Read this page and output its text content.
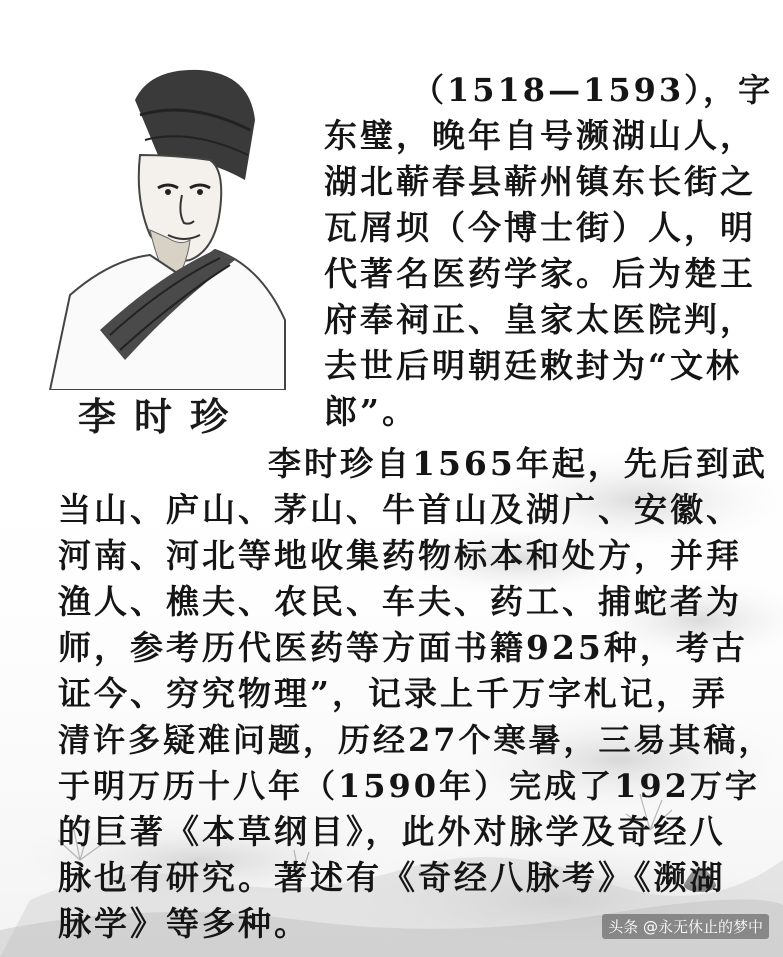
李时珍
（1518—1593），字
东璧，晚年自号濒湖山人，
湖北蕲春县蕲州镇东长街之
瓦屑坝（今博士街）人，明
代著名医药学家。后为楚王
府奉祠正、皇家太医院判，
去世后明朝廷敕封为“文林
郎”。
李时珍自1565年起，先后到武
当山、庐山、茅山、牛首山及湖广、安徽、
河南、河北等地收集药物标本和处方，并拜
渔人、樵夫、农民、车夫、药工、捕蛇者为
师，参考历代医药等方面书籍925种，考古
证今、穷究物理”，记录上千万字札记，弄
清许多疑难问题，历经27个寒暑，三易其稿，
于明万历十八年（1590年）完成了192万字
的巨著《本草纲目》，此外对脉学及奇经八
脉也有研究。著述有《奇经八脉考》《濒湖
脉学》等多种。	头条 @永无休止的梦中
